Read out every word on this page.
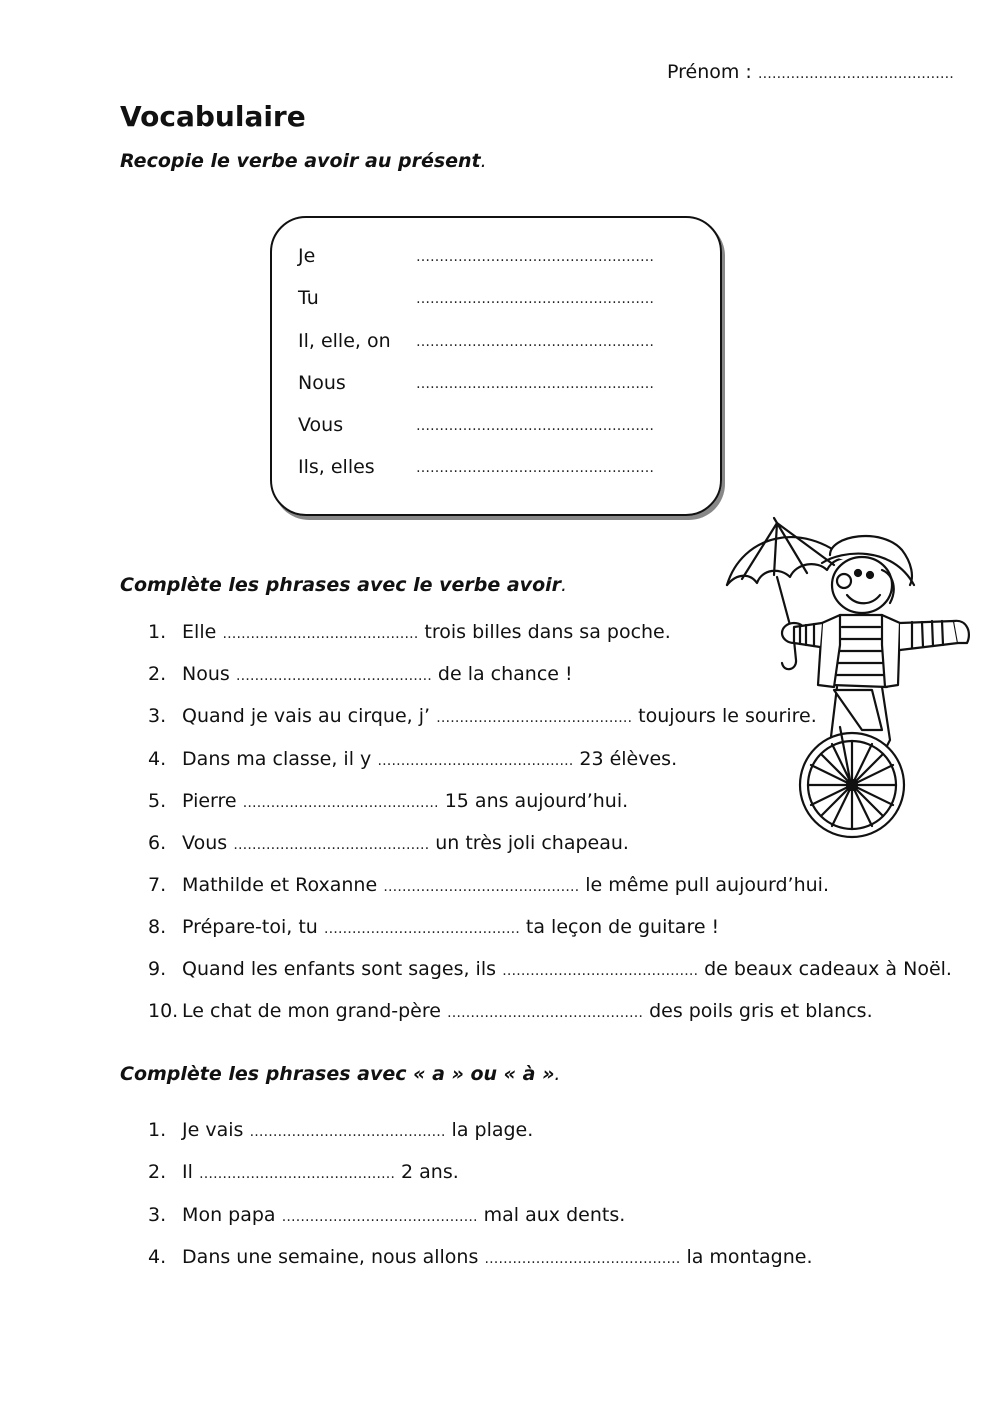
Prénom : ……………………………………
Vocabulaire
Recopie le verbe avoir au présent.
Je	……………………………………………
Tu	……………………………………………
Il, elle, on ……………………………………………
Nous	……………………………………………
Vous	……………………………………………
Ils, elles	……………………………………………
Complète les phrases avec le verbe avoir.
1. Elle …………………………………… trois billes dans sa poche.
2. Nous …………………………………… de la chance !
3. Quand je vais au cirque, j’ …………………………………… toujours le sourire.
4. Dans ma classe, il y …………………………………… 23 élèves.
5. Pierre …………………………………… 15 ans aujourd’hui.
6. Vous …………………………………… un très joli chapeau.
7. Mathilde et Roxanne …………………………………… le même pull aujourd’hui.
8. Prépare-toi, tu …………………………………… ta leçon de guitare !
9. Quand les enfants sont sages, ils …………………………………… de beaux cadeaux à Noël.
10. Le chat de mon grand-père …………………………………… des poils gris et blancs.
Complète les phrases avec « a » ou « à ».
1. Je vais …………………………………… la plage.
2. Il …………………………………… 2 ans.
3. Mon papa …………………………………… mal aux dents.
4. Dans une semaine, nous allons …………………………………… la montagne.
